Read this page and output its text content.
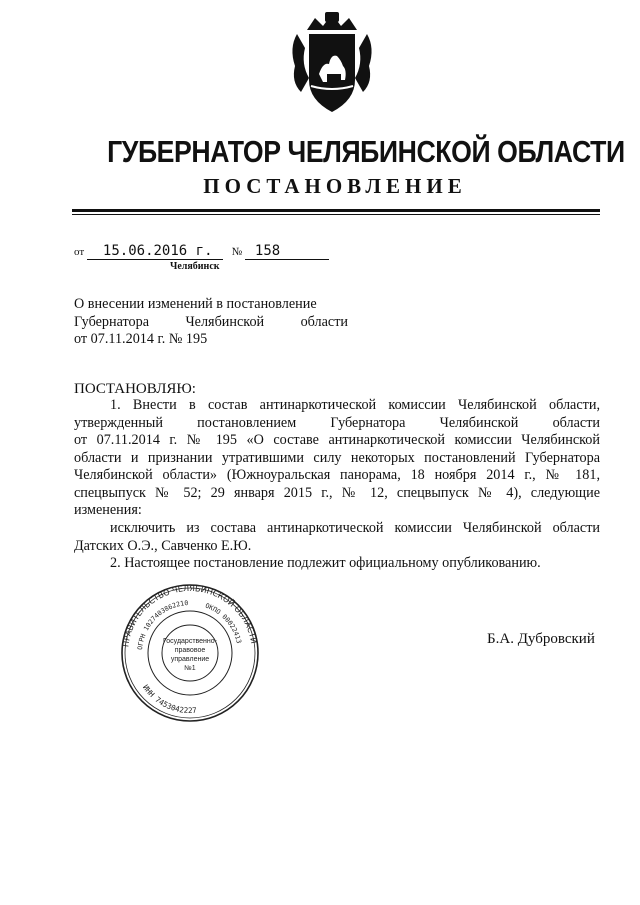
ГУБЕРНАТОР ЧЕЛЯБИНСКОЙ ОБЛАСТИ
ПОСТАНОВЛЕНИЕ
от 15.06.2016 г. № 158
Челябинск
О внесении изменений в постановление
Губернатора Челябинской области
от 07.11.2014 г. № 195
ПОСТАНОВЛЯЮ:
1. Внести в состав антинаркотической комиссии Челябинской области,
утвержденный постановлением Губернатора Челябинской области
от 07.11.2014 г. № 195 «О составе антинаркотической комиссии Челябинской
области и признании утратившими силу некоторых постановлений Губернатора
Челябинской области» (Южноуральская панорама, 18 ноября 2014 г., № 181,
спецвыпуск № 52; 29 января 2015 г., № 12, спецвыпуск № 4), следующие
изменения:
исключить из состава антинаркотической комиссии Челябинской области
Датских О.Э., Савченко Е.Ю.
2. Настоящее постановление подлежит официальному опубликованию.
ПРАВИТЕЛЬСТВО ЧЕЛЯБИНСКОЙ ОБЛАСТИ
ОГРН 1027403862210 ОКПО 00022413
ИНН 7453042227
Государственно-
правовое
управление
№1
Б.А. Дубровский
